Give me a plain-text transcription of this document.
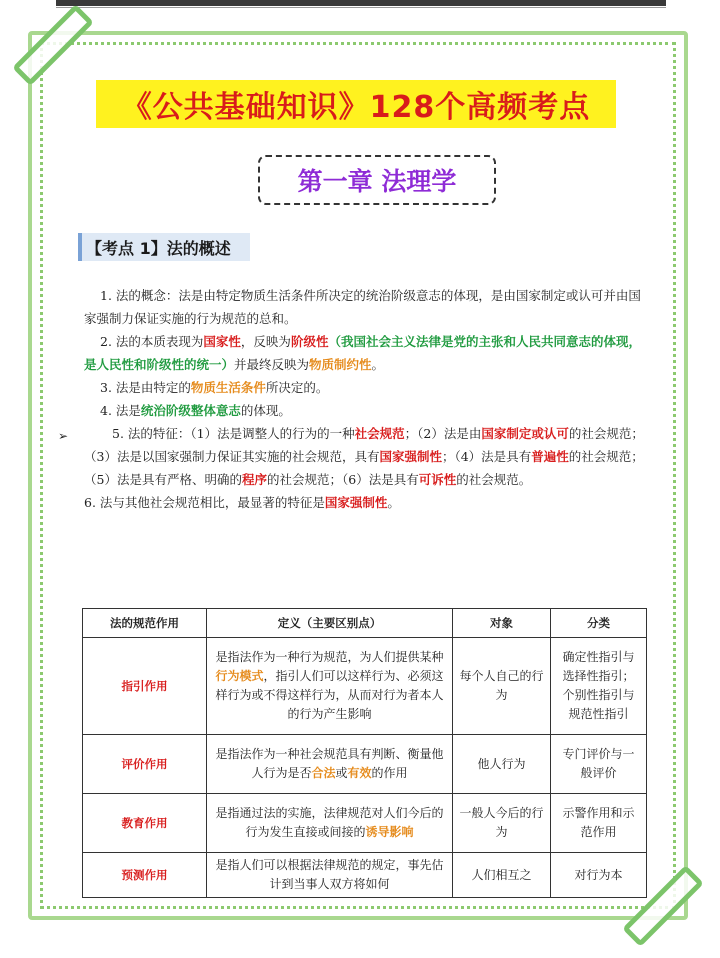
《公共基础知识》128个高频考点
第一章 法理学
【考点 1】法的概述
➢

1. 法的概念：法是由特定物质生活条件所决定的统治阶级意志的体现，是由国家制定或认可并由国家强制力保证实施的行为规范的总和。

2. 法的本质表现为国家性，反映为阶级性（我国社会主义法律是党的主张和人民共同意志的体现，是人民性和阶级性的统一）并最终反映为物质制约性。

3. 法是由特定的物质生活条件所决定的。

4. 法是统治阶级整体意志的体现。

5. 法的特征：（1）法是调整人的行为的一种社会规范；（2）法是由国家制定或认可的社会规范；（3）法是以国家强制力保证其实施的社会规范，具有国家强制性；（4）法是具有普遍性的社会规范；（5）法是具有严格、明确的程序的社会规范；（6）法是具有可诉性的社会规范。

6. 法与其他社会规范相比，最显著的特征是国家强制性。

法的规范作用	定义（主要区别点）	对象	分类
指引作用	是指法作为一种行为规范，为人们提供某种行为模式，指引人们可以这样行为、必须这样行为或不得这样行为，从而对行为者本人的行为产生影响	每个人自己的行为	确定性指引与选择性指引；个别性指引与规范性指引
评价作用	是指法作为一种社会规范具有判断、衡量他人行为是否合法或有效的作用	他人行为	专门评价与一般评价
教育作用	是指通过法的实施，法律规范对人们今后的行为发生直接或间接的诱导影响	一般人今后的行为	示警作用和示范作用
预测作用	是指人们可以根据法律规范的规定，事先估计到当事人双方将如何	人们相互之	对行为本
